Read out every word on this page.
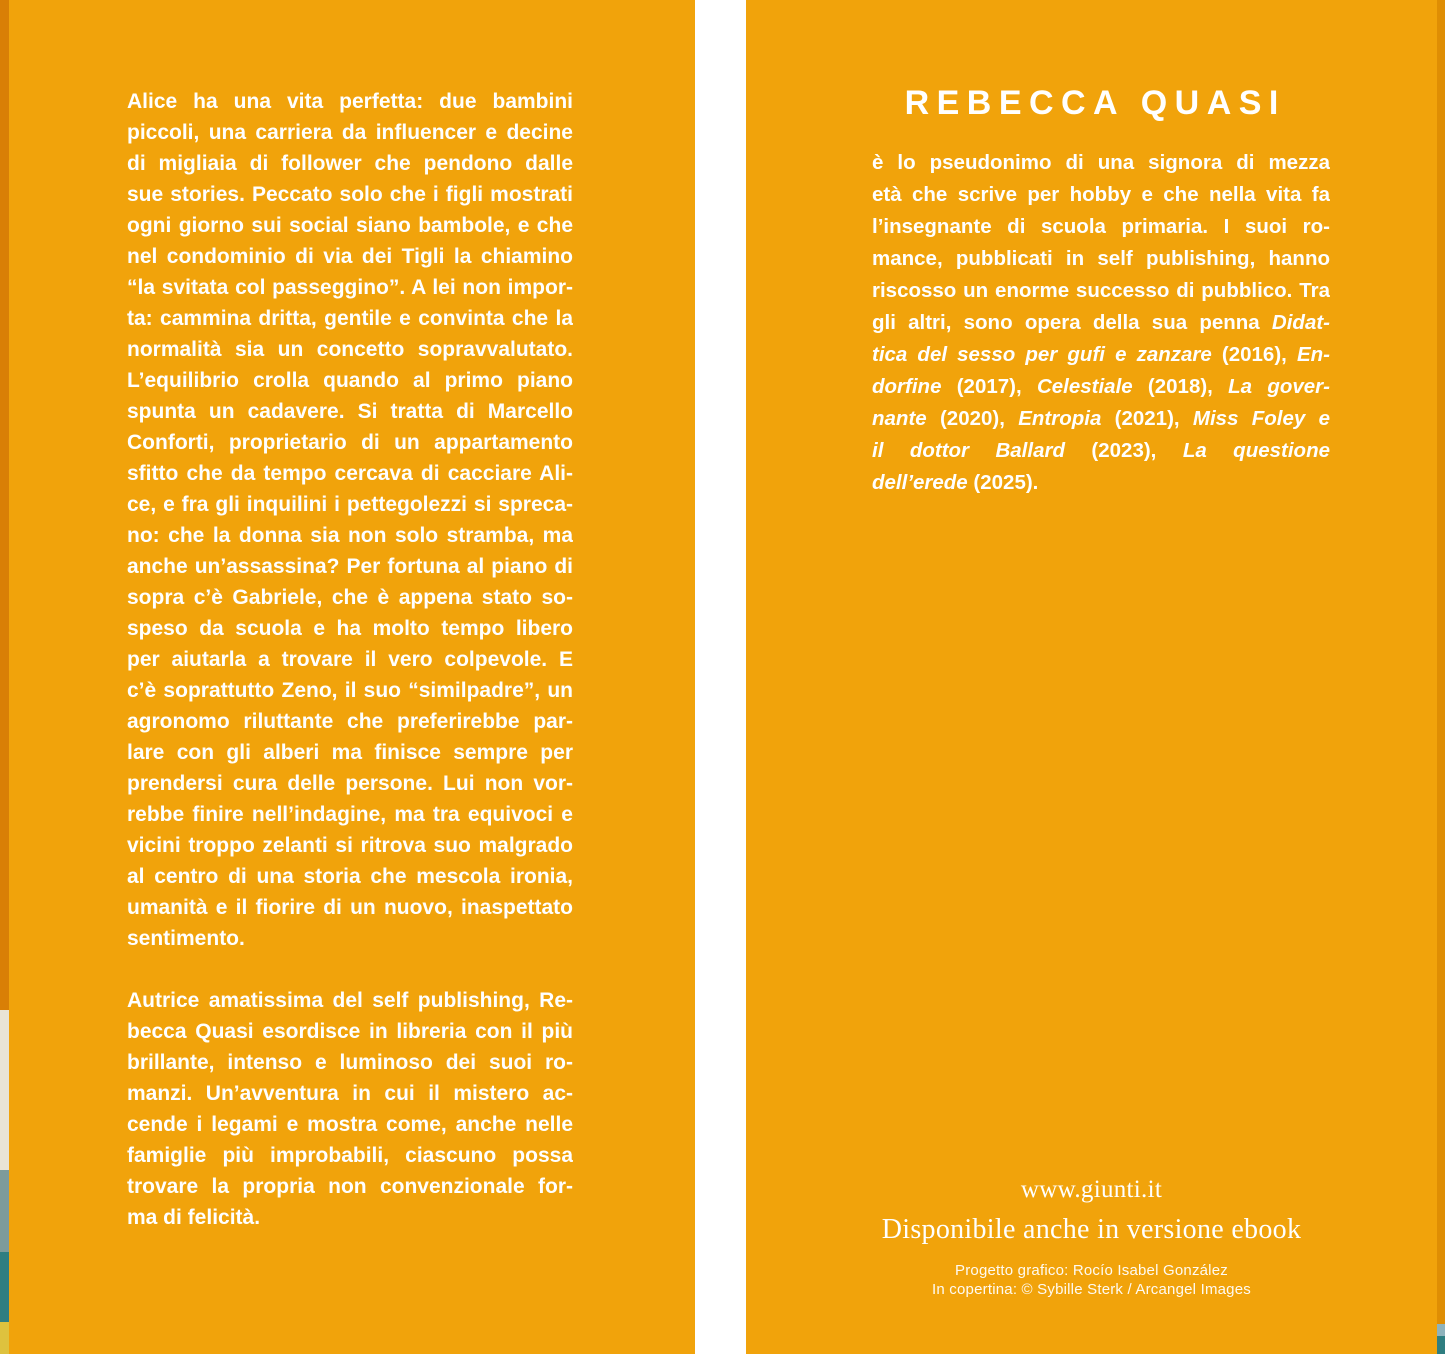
Alice ha una vita perfetta: due bambini
piccoli, una carriera da influencer e decine
di migliaia di follower che pendono dalle
sue stories. Peccato solo che i figli mostrati
ogni giorno sui social siano bambole, e che
nel condominio di via dei Tigli la chiamino
“la svitata col passeggino”. A lei non impor-
ta: cammina dritta, gentile e convinta che la
normalità sia un concetto sopravvalutato.
L’equilibrio crolla quando al primo piano
spunta un cadavere. Si tratta di Marcello
Conforti, proprietario di un appartamento
sfitto che da tempo cercava di cacciare Ali-
ce, e fra gli inquilini i pettegolezzi si spreca-
no: che la donna sia non solo stramba, ma
anche un’assassina? Per fortuna al piano di
sopra c’è Gabriele, che è appena stato so-
speso da scuola e ha molto tempo libero
per aiutarla a trovare il vero colpevole. E
c’è soprattutto Zeno, il suo “similpadre”, un
agronomo riluttante che preferirebbe par-
lare con gli alberi ma finisce sempre per
prendersi cura delle persone. Lui non vor-
rebbe finire nell’indagine, ma tra equivoci e
vicini troppo zelanti si ritrova suo malgrado
al centro di una storia che mescola ironia,
umanità e il fiorire di un nuovo, inaspettato
sentimento.
Autrice amatissima del self publishing, Re-
becca Quasi esordisce in libreria con il più
brillante, intenso e luminoso dei suoi ro-
manzi. Un’avventura in cui il mistero ac-
cende i legami e mostra come, anche nelle
famiglie più improbabili, ciascuno possa
trovare la propria non convenzionale for-
ma di felicità.
REBECCA QUASI
è lo pseudonimo di una signora di mezza
età che scrive per hobby e che nella vita fa
l’insegnante di scuola primaria. I suoi ro-
mance, pubblicati in self publishing, hanno
riscosso un enorme successo di pubblico. Tra
gli altri, sono opera della sua penna Didat-
tica del sesso per gufi e zanzare (2016), En-
dorfine (2017), Celestiale (2018), La gover-
nante (2020), Entropia (2021), Miss Foley e
il dottor Ballard (2023), La questione
dell’erede (2025).
www.giunti.it
Disponibile anche in versione ebook
Progetto grafico: Rocío Isabel González
In copertina: © Sybille Sterk / Arcangel Images
